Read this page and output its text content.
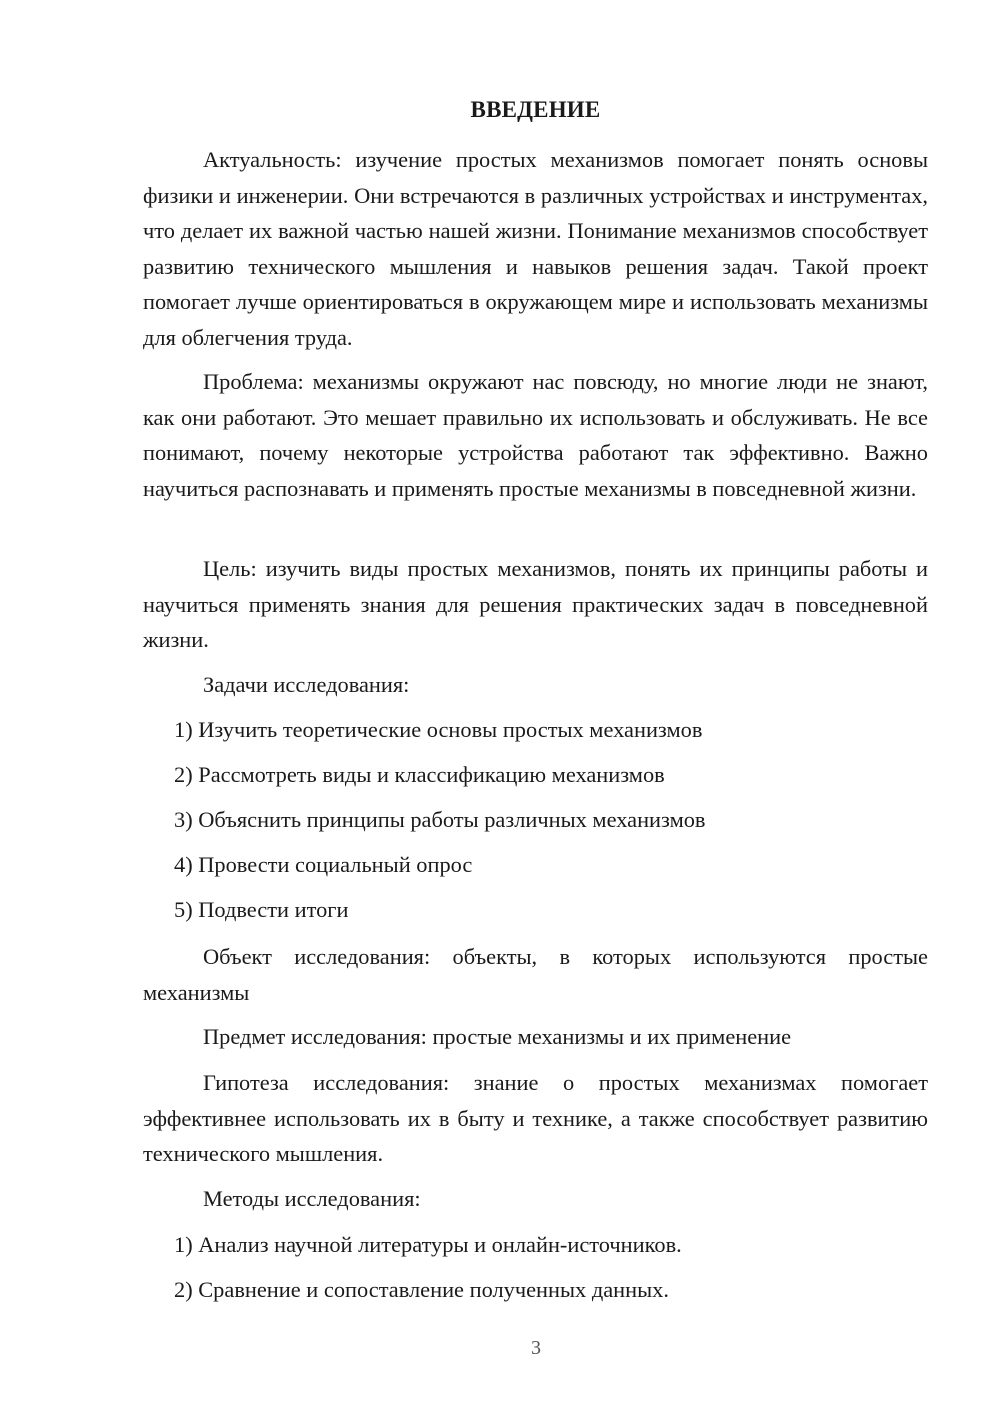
ВВЕДЕНИЕ

Актуальность: изучение простых механизмов помогает понять основы физики и инженерии. Они встречаются в различных устройствах и инструментах, что делает их важной частью нашей жизни. Понимание механизмов способствует развитию технического мышления и навыков решения задач. Такой проект помогает лучше ориентироваться в окружающем мире и использовать механизмы для облегчения труда.

Проблема: механизмы окружают нас повсюду, но многие люди не знают, как они работают. Это мешает правильно их использовать и обслуживать. Не все понимают, почему некоторые устройства работают так эффективно. Важно научиться распознавать и применять простые механизмы в повседневной жизни.

Цель: изучить виды простых механизмов, понять их принципы работы и научиться применять знания для решения практических задач в повседневной жизни.

Задачи исследования:

1) Изучить теоретические основы простых механизмов

2) Рассмотреть виды и классификацию механизмов

3) Объяснить принципы работы различных механизмов

4) Провести социальный опрос

5) Подвести итоги

Объект исследования: объекты, в которых используются простые механизмы

Предмет исследования: простые механизмы и их применение

Гипотеза исследования: знание о простых механизмах помогает эффективнее использовать их в быту и технике, а также способствует развитию технического мышления.

Методы исследования:

1) Анализ научной литературы и онлайн-источников.

2) Сравнение и сопоставление полученных данных.

3
